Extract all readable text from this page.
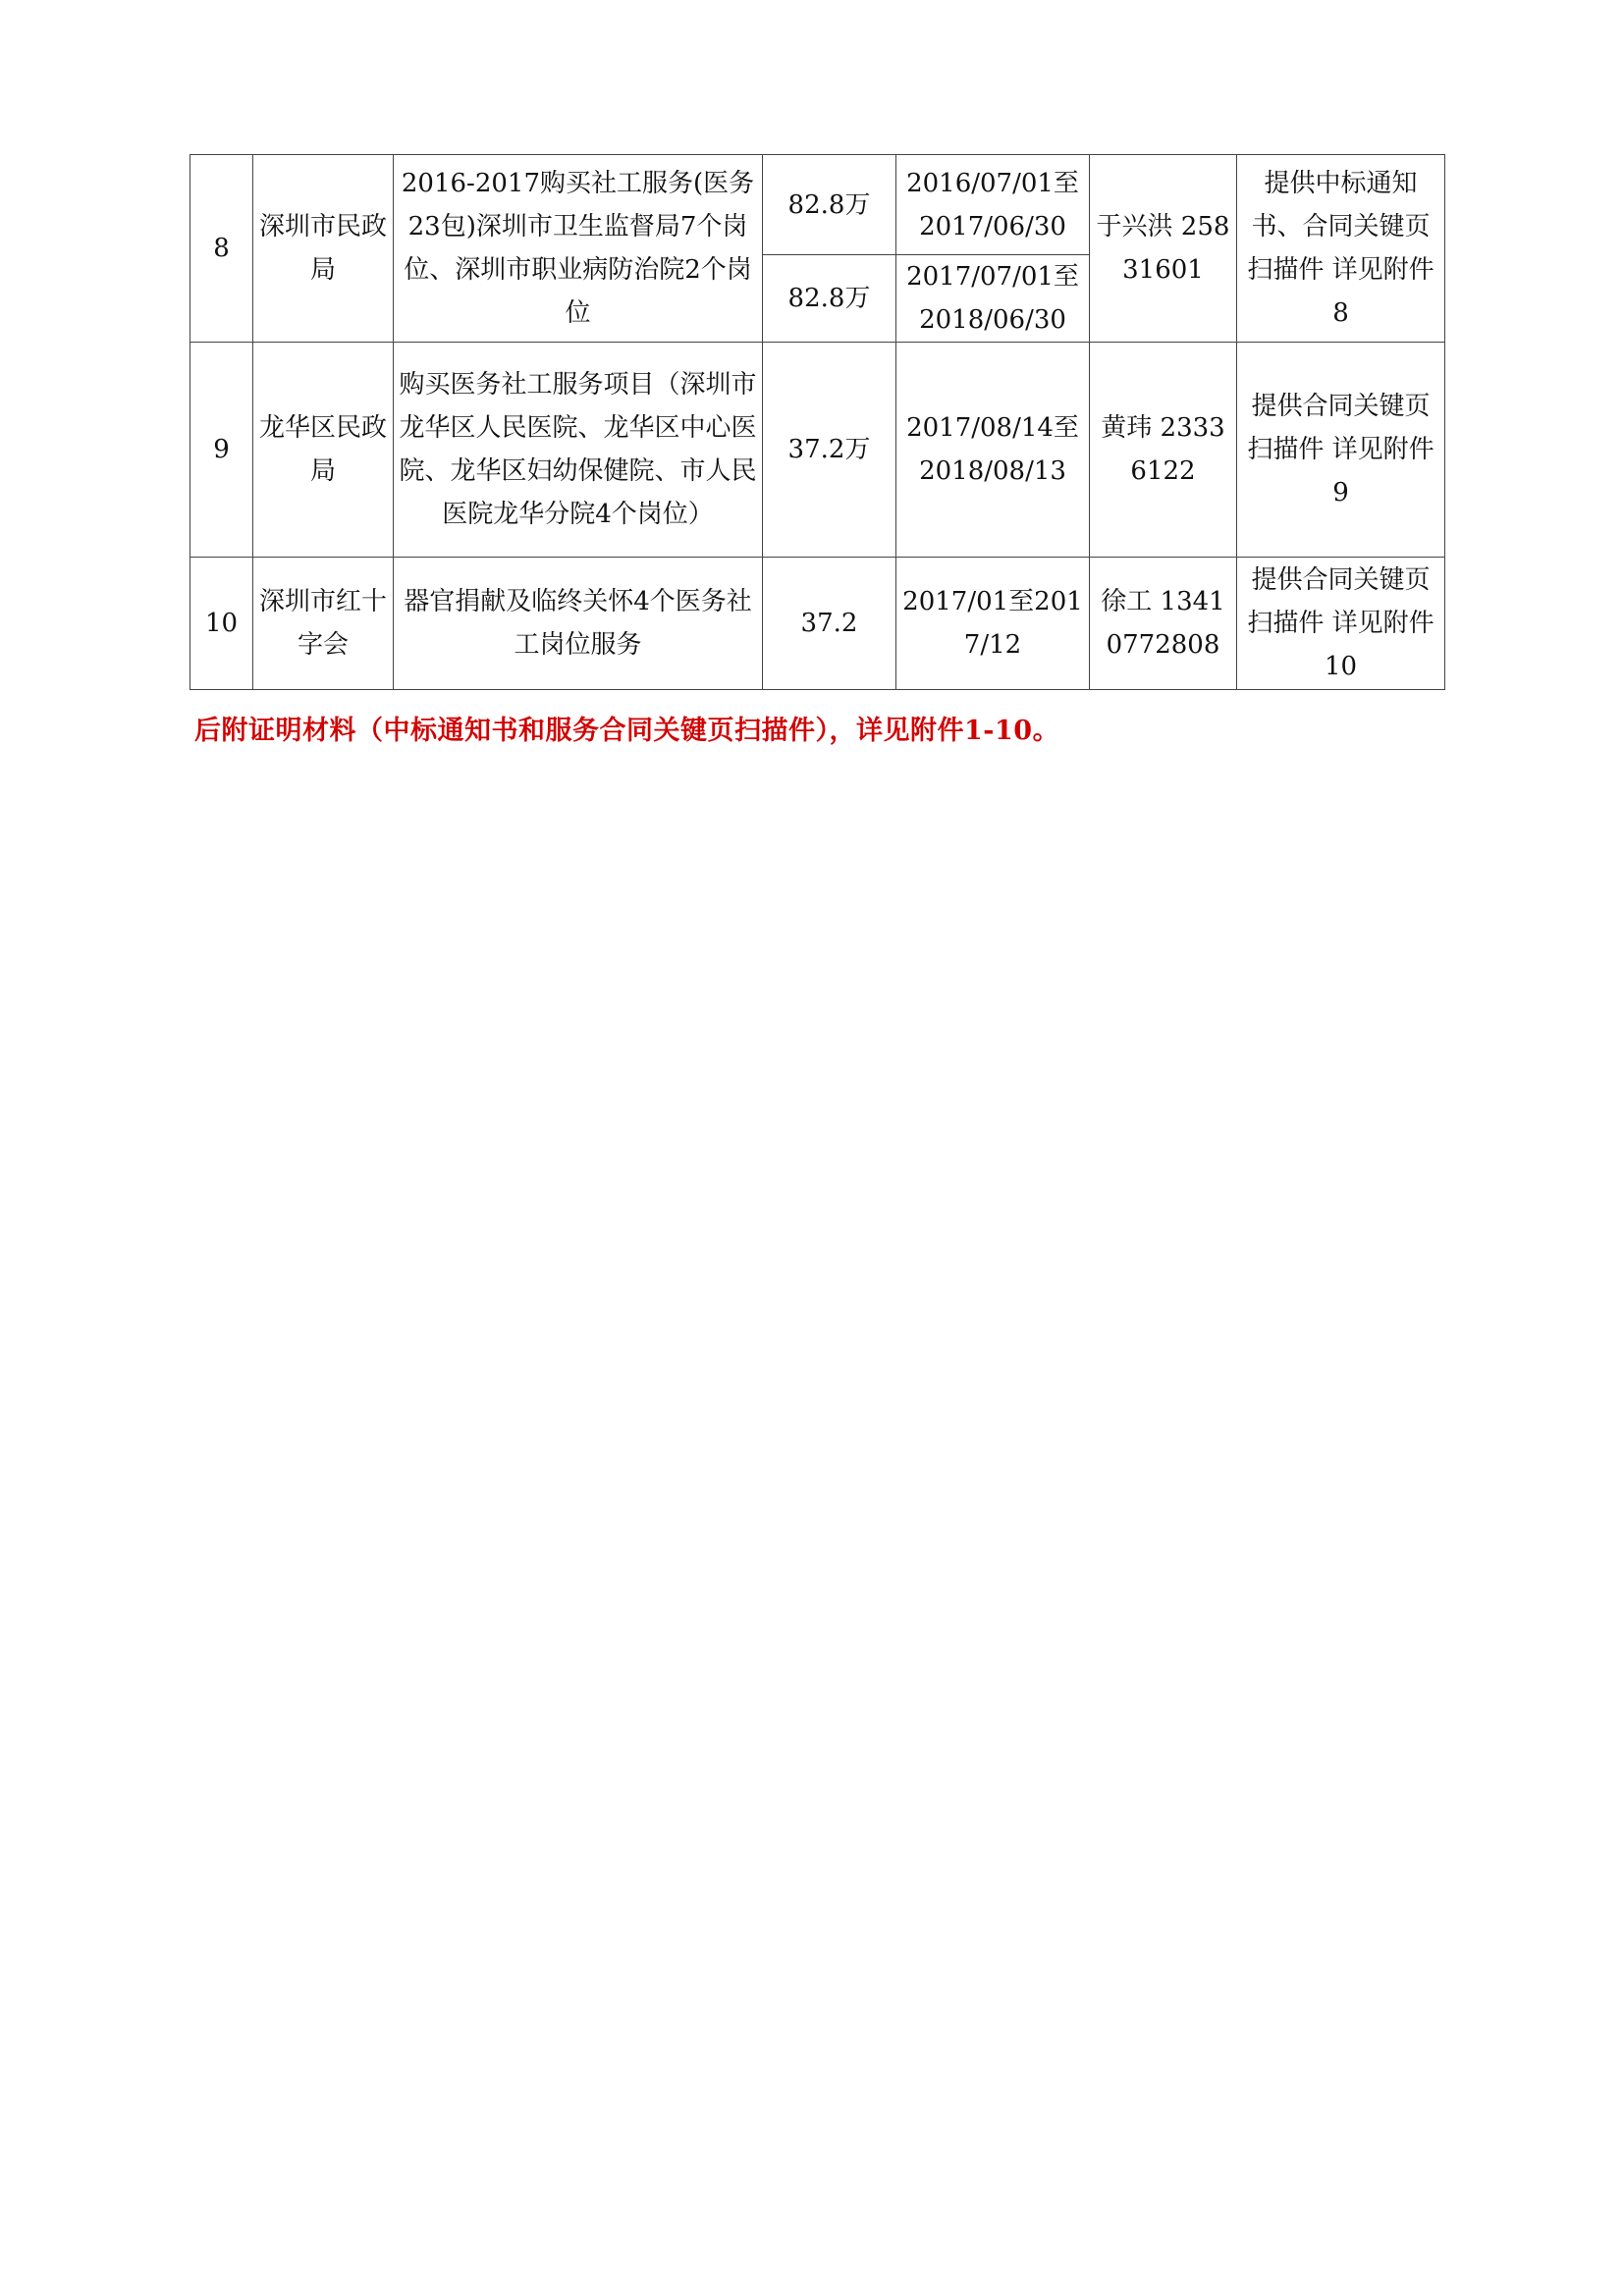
8	深圳市民政局	2016-2017购买社工服务(医务23包)深圳市卫生监督局7个岗位、深圳市职业病防治院2个岗位	82.8万	2016/07/01至2017/06/30	于兴洪 25831601	提供中标通知书、合同关键页扫描件 详见附件8
			82.8万	2017/07/01至2018/06/30		
9	龙华区民政局	购买医务社工服务项目（深圳市龙华区人民医院、龙华区中心医院、龙华区妇幼保健院、市人民医院龙华分院4个岗位）	37.2万	2017/08/14至2018/08/13	黄玮 23336122	提供合同关键页扫描件 详见附件9
10	深圳市红十字会	器官捐献及临终关怀4个医务社工岗位服务	37.2	2017/01至2017/12	徐工 13410772808	提供合同关键页扫描件 详见附件10
后附证明材料（中标通知书和服务合同关键页扫描件），详见附件1-10。
